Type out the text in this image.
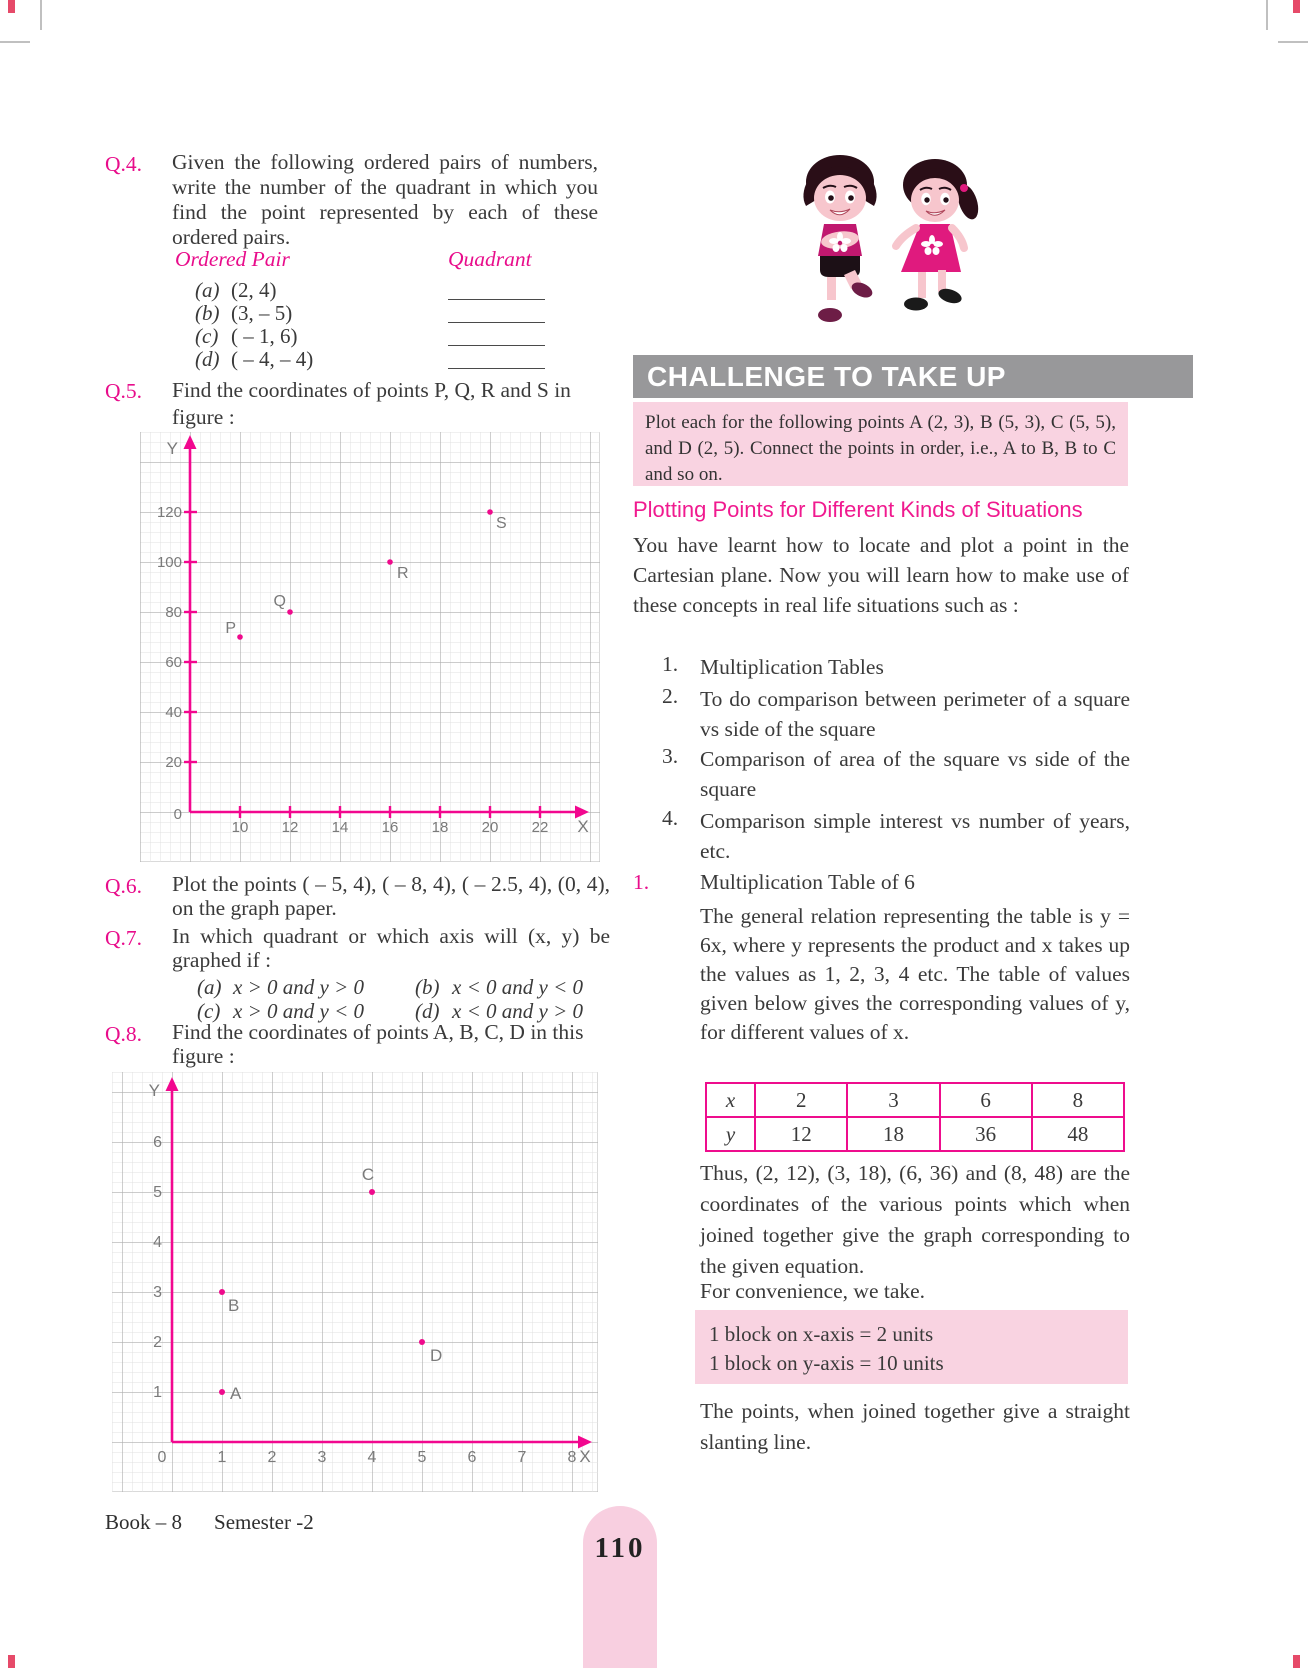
Q.4. Given the following ordered pairs of numbers, write the number of the quadrant in which you find the point represented by each of these ordered pairs.
Ordered Pair	Quadrant
(a) (2, 4)
(b) (3, – 5)
(c) ( – 1, 6)
(d) ( – 4, – 4)
Q.5. Find the coordinates of points P, Q, R and S in figure :
Y
X
0
20
40
60
80
100
120
10 12 14 16 18 20 22
P
Q
R
S
Q.6. Plot the points ( – 5, 4), ( – 8, 4), ( – 2.5, 4), (0, 4), on the graph paper.
Q.7. In which quadrant or which axis will (x, y) be graphed if :
(a) x > 0 and y > 0 (b) x < 0 and y < 0
(c) x > 0 and y < 0 (d) x < 0 and y > 0
Q.8. Find the coordinates of points A, B, C, D in this figure :
Y
X
1
2
3
4
5
6
0	1	2	3	4	5	6	7	8
A
B
C
D
CHALLENGE TO TAKE UP
Plot each for the following points A (2, 3), B (5, 3), C (5, 5), and D (2, 5). Connect the points in order, i.e., A to B, B to C and so on.
Plotting Points for Different Kinds of Situations
You have learnt how to locate and plot a point in the Cartesian plane. Now you will learn how to make use of these concepts in real life situations such as :
1. Multiplication Tables
2. To do comparison between perimeter of a square vs side of the square
3. Comparison of area of the square vs side of the square
4. Comparison simple interest vs number of years, etc.
1. Multiplication Table of 6
The general relation representing the table is y = 6x, where y represents the product and x takes up the values as 1, 2, 3, 4 etc. The table of values given below gives the corresponding values of y, for different values of x.
x	2	3	6	8
y	12	18	36	48
Thus, (2, 12), (3, 18), (6, 36) and (8, 48) are the coordinates of the various points which when joined together give the graph corresponding to the given equation.
For convenience, we take.
1 block on x-axis = 2 units
1 block on y-axis = 10 units
The points, when joined together give a straight slanting line.
Book – 8 Semester -2
110
